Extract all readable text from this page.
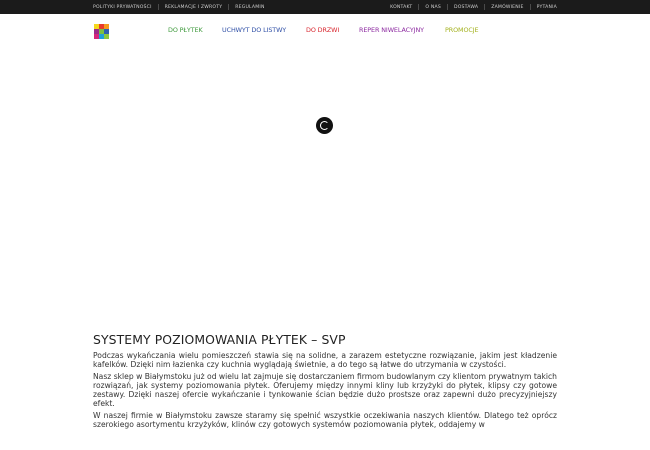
POLITYKI PRYWATNOŚCI	REKLAMACJE I ZWROTY	REGULAMIN	KONTAKT	O NAS	DOSTAWA	ZAMÓWIENIE	PYTANIA
DO PŁYTEK	UCHWYT DO LISTWY	DO DRZWI	REPER NIWELACYJNY	PROMOCJE
SYSTEMY POZIOMOWANIA PŁYTEK – SVP

Podczas wykańczania wielu pomieszczeń stawia się na solidne, a zarazem estetyczne rozwiązanie, jakim jest kładzenie kafelków. Dzięki nim łazienka czy kuchnia wyglądają świetnie, a do tego są łatwe do utrzymania w czystości.

Nasz sklep w Białymstoku już od wielu lat zajmuje się dostarczaniem firmom budowlanym czy klientom prywatnym takich rozwiązań, jak systemy poziomowania płytek. Oferujemy między innymi kliny lub krzyżyki do płytek, klipsy czy gotowe zestawy. Dzięki naszej ofercie wykańczanie i tynkowanie ścian będzie dużo prostsze oraz zapewni dużo precyzyjniejszy efekt.

W naszej firmie w Białymstoku zawsze staramy się spełnić wszystkie oczekiwania naszych klientów. Dlatego też oprócz szerokiego asortymentu krzyżyków, klinów czy gotowych systemów poziomowania płytek, oddajemy w
